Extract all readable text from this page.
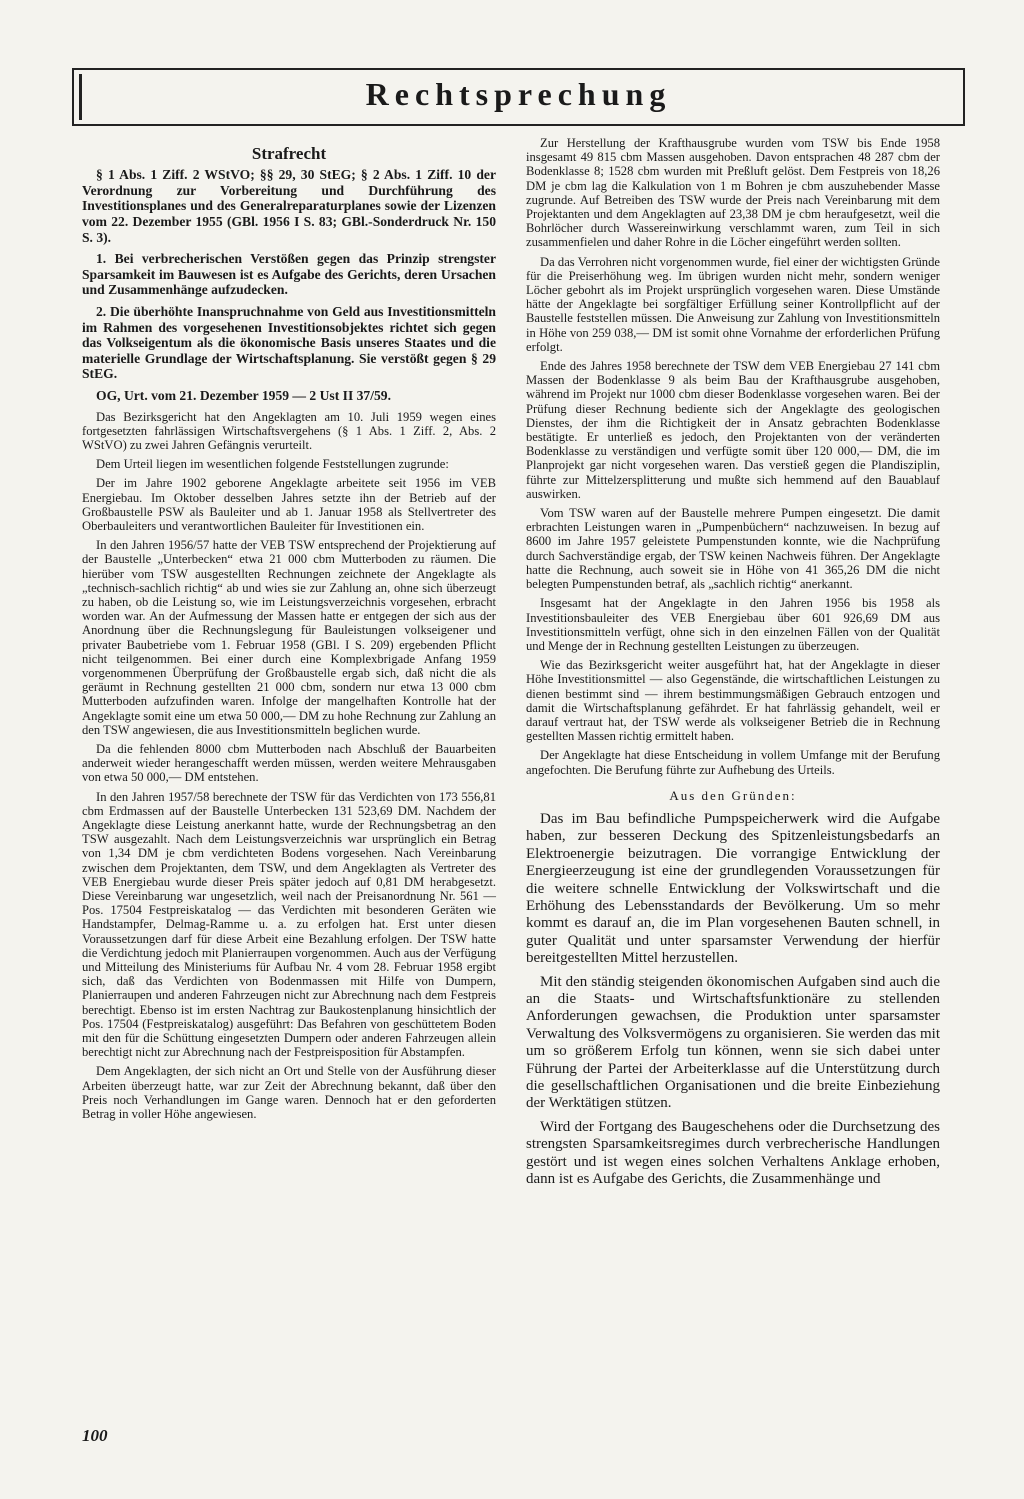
Rechtsprechung
Strafrecht

§ 1 Abs. 1 Ziff. 2 WStVO; §§ 29, 30 StEG; § 2 Abs. 1 Ziff. 10 der Verordnung zur Vorbereitung und Durchführung des Investitionsplanes und des Generalreparaturplanes sowie der Lizenzen vom 22. Dezember 1955 (GBl. 1956 I S. 83; GBl.-Sonderdruck Nr. 150 S. 3).

1. Bei verbrecherischen Verstößen gegen das Prinzip strengster Sparsamkeit im Bauwesen ist es Aufgabe des Gerichts, deren Ursachen und Zusammenhänge aufzudecken.

2. Die überhöhte Inanspruchnahme von Geld aus Investitionsmitteln im Rahmen des vorgesehenen Investitionsobjektes richtet sich gegen das Volkseigentum als die ökonomische Basis unseres Staates und die materielle Grundlage der Wirtschaftsplanung. Sie verstößt gegen § 29 StEG.

OG, Urt. vom 21. Dezember 1959 — 2 Ust II 37/59.

Das Bezirksgericht hat den Angeklagten am 10. Juli 1959 wegen eines fortgesetzten fahrlässigen Wirtschaftsvergehens (§ 1 Abs. 1 Ziff. 2, Abs. 2 WStVO) zu zwei Jahren Gefängnis verurteilt.

Dem Urteil liegen im wesentlichen folgende Feststellungen zugrunde:

Der im Jahre 1902 geborene Angeklagte arbeitete seit 1956 im VEB Energiebau. Im Oktober desselben Jahres setzte ihn der Betrieb auf der Großbaustelle PSW als Bauleiter und ab 1. Januar 1958 als Stellvertreter des Oberbauleiters und verantwortlichen Bauleiter für Investitionen ein.

In den Jahren 1956/57 hatte der VEB TSW entsprechend der Projektierung auf der Baustelle „Unterbecken“ etwa 21 000 cbm Mutterboden zu räumen. Die hierüber vom TSW ausgestellten Rechnungen zeichnete der Angeklagte als „technisch-sachlich richtig“ ab und wies sie zur Zahlung an, ohne sich überzeugt zu haben, ob die Leistung so, wie im Leistungsverzeichnis vorgesehen, erbracht worden war. An der Aufmessung der Massen hatte er entgegen der sich aus der Anordnung über die Rechnungslegung für Bauleistungen volkseigener und privater Baubetriebe vom 1. Februar 1958 (GBl. I S. 209) ergebenden Pflicht nicht teilgenommen. Bei einer durch eine Komplexbrigade Anfang 1959 vorgenommenen Überprüfung der Großbaustelle ergab sich, daß nicht die als geräumt in Rechnung gestellten 21 000 cbm, sondern nur etwa 13 000 cbm Mutterboden aufzufinden waren. Infolge der mangelhaften Kontrolle hat der Angeklagte somit eine um etwa 50 000,— DM zu hohe Rechnung zur Zahlung an den TSW angewiesen, die aus Investitionsmitteln beglichen wurde.

Da die fehlenden 8000 cbm Mutterboden nach Abschluß der Bauarbeiten anderweit wieder herangeschafft werden müssen, werden weitere Mehrausgaben von etwa 50 000,— DM entstehen.

In den Jahren 1957/58 berechnete der TSW für das Verdichten von 173 556,81 cbm Erdmassen auf der Baustelle Unterbecken 131 523,69 DM. Nachdem der Angeklagte diese Leistung anerkannt hatte, wurde der Rechnungsbetrag an den TSW ausgezahlt. Nach dem Leistungsverzeichnis war ursprünglich ein Betrag von 1,34 DM je cbm verdichteten Bodens vorgesehen. Nach Vereinbarung zwischen dem Projektanten, dem TSW, und dem Angeklagten als Vertreter des VEB Energiebau wurde dieser Preis später jedoch auf 0,81 DM herabgesetzt. Diese Vereinbarung war ungesetzlich, weil nach der Preisanordnung Nr. 561 — Pos. 17504 Festpreiskatalog — das Verdichten mit besonderen Geräten wie Handstampfer, Delmag-Ramme u. a. zu erfolgen hat. Erst unter diesen Voraussetzungen darf für diese Arbeit eine Bezahlung erfolgen. Der TSW hatte die Verdichtung jedoch mit Planierraupen vorgenommen. Auch aus der Verfügung und Mitteilung des Ministeriums für Aufbau Nr. 4 vom 28. Februar 1958 ergibt sich, daß das Verdichten von Bodenmassen mit Hilfe von Dumpern, Planierraupen und anderen Fahrzeugen nicht zur Abrechnung nach dem Festpreis berechtigt. Ebenso ist im ersten Nachtrag zur Baukostenplanung hinsichtlich der Pos. 17504 (Festpreiskatalog) ausgeführt: Das Befahren von geschüttetem Boden mit den für die Schüttung eingesetzten Dumpern oder anderen Fahrzeugen allein berechtigt nicht zur Abrechnung nach der Festpreisposition für Abstampfen.

Dem Angeklagten, der sich nicht an Ort und Stelle von der Ausführung dieser Arbeiten überzeugt hatte, war zur Zeit der Abrechnung bekannt, daß über den Preis noch Verhandlungen im Gange waren. Dennoch hat er den geforderten Betrag in voller Höhe angewiesen.

Zur Herstellung der Krafthausgrube wurden vom TSW bis Ende 1958 insgesamt 49 815 cbm Massen ausgehoben. Davon entsprachen 48 287 cbm der Bodenklasse 8; 1528 cbm wurden mit Preßluft gelöst. Dem Festpreis von 18,26 DM je cbm lag die Kalkulation von 1 m Bohren je cbm auszuhebender Masse zugrunde. Auf Betreiben des TSW wurde der Preis nach Vereinbarung mit dem Projektanten und dem Angeklagten auf 23,38 DM je cbm heraufgesetzt, weil die Bohrlöcher durch Wassereinwirkung verschlammt waren, zum Teil in sich zusammenfielen und daher Rohre in die Löcher eingeführt werden sollten.

Da das Verrohren nicht vorgenommen wurde, fiel einer der wichtigsten Gründe für die Preiserhöhung weg. Im übrigen wurden nicht mehr, sondern weniger Löcher gebohrt als im Projekt ursprünglich vorgesehen waren. Diese Umstände hätte der Angeklagte bei sorgfältiger Erfüllung seiner Kontrollpflicht auf der Baustelle feststellen müssen. Die Anweisung zur Zahlung von Investitionsmitteln in Höhe von 259 038,— DM ist somit ohne Vornahme der erforderlichen Prüfung erfolgt.

Ende des Jahres 1958 berechnete der TSW dem VEB Energiebau 27 141 cbm Massen der Bodenklasse 9 als beim Bau der Krafthausgrube ausgehoben, während im Projekt nur 1000 cbm dieser Bodenklasse vorgesehen waren. Bei der Prüfung dieser Rechnung bediente sich der Angeklagte des geologischen Dienstes, der ihm die Richtigkeit der in Ansatz gebrachten Bodenklasse bestätigte. Er unterließ es jedoch, den Projektanten von der veränderten Bodenklasse zu verständigen und verfügte somit über 120 000,— DM, die im Planprojekt gar nicht vorgesehen waren. Das verstieß gegen die Plandisziplin, führte zur Mittelzersplitterung und mußte sich hemmend auf den Bauablauf auswirken.

Vom TSW waren auf der Baustelle mehrere Pumpen eingesetzt. Die damit erbrachten Leistungen waren in „Pumpenbüchern“ nachzuweisen. In bezug auf 8600 im Jahre 1957 geleistete Pumpenstunden konnte, wie die Nachprüfung durch Sachverständige ergab, der TSW keinen Nachweis führen. Der Angeklagte hatte die Rechnung, auch soweit sie in Höhe von 41 365,26 DM die nicht belegten Pumpenstunden betraf, als „sachlich richtig“ anerkannt.

Insgesamt hat der Angeklagte in den Jahren 1956 bis 1958 als Investitionsbauleiter des VEB Energiebau über 601 926,69 DM aus Investitionsmitteln verfügt, ohne sich in den einzelnen Fällen von der Qualität und Menge der in Rechnung gestellten Leistungen zu überzeugen.

Wie das Bezirksgericht weiter ausgeführt hat, hat der Angeklagte in dieser Höhe Investitionsmittel — also Gegenstände, die wirtschaftlichen Leistungen zu dienen bestimmt sind — ihrem bestimmungsmäßigen Gebrauch entzogen und damit die Wirtschaftsplanung gefährdet. Er hat fahrlässig gehandelt, weil er darauf vertraut hat, der TSW werde als volkseigener Betrieb die in Rechnung gestellten Massen richtig ermittelt haben.

Der Angeklagte hat diese Entscheidung in vollem Umfange mit der Berufung angefochten. Die Berufung führte zur Aufhebung des Urteils.

Aus den Gründen:

Das im Bau befindliche Pumpspeicherwerk wird die Aufgabe haben, zur besseren Deckung des Spitzenleistungsbedarfs an Elektroenergie beizutragen. Die vorrangige Entwicklung der Energieerzeugung ist eine der grundlegenden Voraussetzungen für die weitere schnelle Entwicklung der Volkswirtschaft und die Erhöhung des Lebensstandards der Bevölkerung. Um so mehr kommt es darauf an, die im Plan vorgesehenen Bauten schnell, in guter Qualität und unter sparsamster Verwendung der hierfür bereitgestellten Mittel herzustellen.

Mit den ständig steigenden ökonomischen Aufgaben sind auch die an die Staats- und Wirtschaftsfunktionäre zu stellenden Anforderungen gewachsen, die Produktion unter sparsamster Verwaltung des Volksvermögens zu organisieren. Sie werden das mit um so größerem Erfolg tun können, wenn sie sich dabei unter Führung der Partei der Arbeiterklasse auf die Unterstützung durch die gesellschaftlichen Organisationen und die breite Einbeziehung der Werktätigen stützen.

Wird der Fortgang des Baugeschehens oder die Durchsetzung des strengsten Sparsamkeitsregimes durch verbrecherische Handlungen gestört und ist wegen eines solchen Verhaltens Anklage erhoben, dann ist es Aufgabe des Gerichts, die Zusammenhänge und

100
